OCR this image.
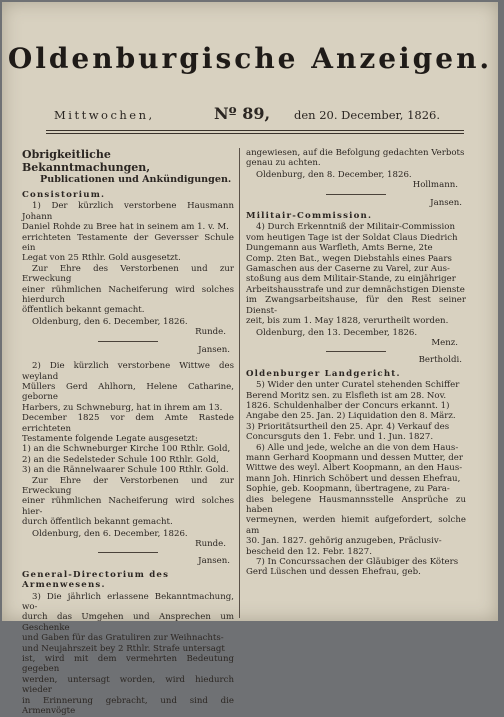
Oldenburgische Anzeigen.
Mittwochen,	Nº 89, den 20. December, 1826.

Obrigkeitliche Bekanntmachungen,

Publicationen und Ankündigungen.

Consistorium.

1) Der kürzlich verstorbene Hausmann Johann
Daniel Rohde zu Bree hat in seinem am 1. v. M.
errichteten Testamente der Geversser Schule ein
Legat von 25 Rthlr. Gold ausgesetzt.
Zur Ehre des Verstorbenen und zur Erweckung
einer rühmlichen Nacheiferung wird solches hierdurch
öffentlich bekannt gemacht.
Oldenburg, den 6. December, 1826.
Runde.
Jansen.
2) Die kürzlich verstorbene Wittwe des weyland
Müllers Gerd Ahlhorn, Helene Catharine, geborne
Harbers, zu Schwneburg, hat in ihrem am 13.
December 1825 vor dem Amte Rastede errichteten
Testamente folgende Legate ausgesetzt:
1) an die Schwneburger Kirche 100 Rthlr. Gold,
2) an die Sedelsteder Schule 100 Rthlr. Gold,
3) an die Rännelwaarer Schule 100 Rthlr. Gold.
Zur Ehre der Verstorbenen und zur Erweckung
einer rühmlichen Nacheiferung wird solches hier-
durch öffentlich bekannt gemacht.
Oldenburg, den 6. December, 1826.
Runde.
Jansen.

General-Directorium des Armenwesens.

3) Die jährlich erlassene Bekanntmachung, wo-
durch das Umgehen und Ansprechen um Geschenke
und Gaben für das Gratuliren zur Weihnachts-
und Neujahrszeit bey 2 Rthlr. Strafe untersagt
ist, wird mit dem vermehrten Bedeutung gegeben
werden, untersagt worden, wird hiedurch wieder
in Erinnerung gebracht, und sind die Armenvögte
angewiesen, auf die Befolgung gedachten Verbots
genau zu achten.
Oldenburg, den 8. December, 1826.
Hollmann.
Jansen.

Militair-Commission.

4) Durch Erkenntniß der Militair-Commission
vom heutigen Tage ist der Soldat Claus Diedrich
Dungemann aus Warfleth, Amts Berne, 2te
Comp. 2ten Bat., wegen Diebstahls eines Paars
Gamaschen aus der Caserne zu Varel, zur Aus-
stoßung aus dem Militair-Stande, zu einjähriger
Arbeitshausstrafe und zur demnächstigen Dienste
im Zwangsarbeitshause, für den Rest seiner Dienst-
zeit, bis zum 1. May 1828, verurtheilt worden.
Oldenburg, den 13. December, 1826.
Menz.
Bertholdi.

Oldenburger Landgericht.

5) Wider den unter Curatel stehenden Schiffer
Berend Moritz sen. zu Elsfleth ist am 28. Nov.
1826. Schuldenhalber der Concurs erkannt. 1)
Angabe den 25. Jan. 2) Liquidation den 8. März.
3) Prioritätsurtheil den 25. Apr. 4) Verkauf des
Concursguts den 1. Febr. und 1. Jun. 1827.
6) Alle und jede, welche an die von dem Haus-
mann Gerhard Koopmann und dessen Mutter, der
Wittwe des weyl. Albert Koopmann, an den Haus-
mann Joh. Hinrich Schöbert und dessen Ehefrau,
Sophie, geb. Koopmann, übertragene, zu Para-
dies belegene Hausmannsstelle Ansprüche zu haben
vermeynen, werden hiemit aufgefordert, solche am
30. Jan. 1827. gehörig anzugeben, Präclusiv-
bescheid den 12. Febr. 1827.
7) In Concurssachen der Gläubiger des Köters
Gerd Lüschen und dessen Ehefrau, geb.
